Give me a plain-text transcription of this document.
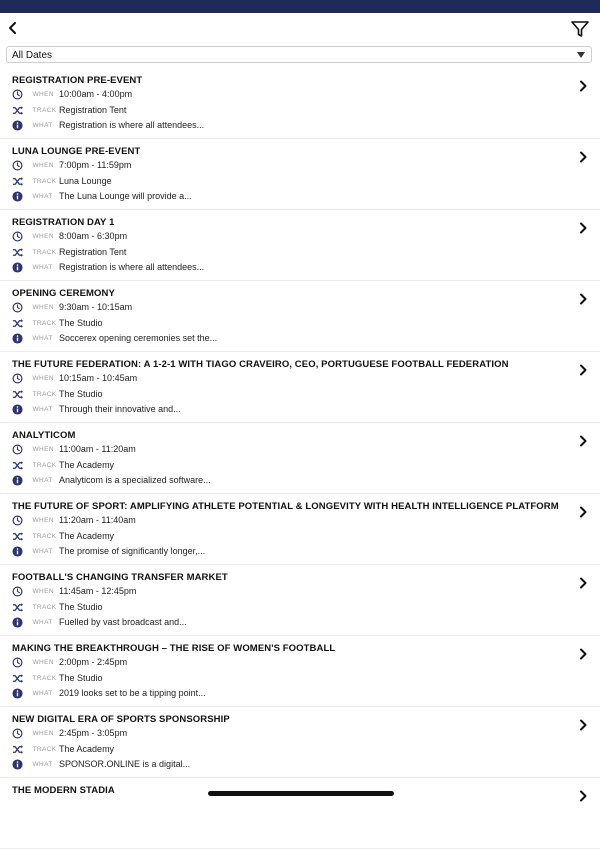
All Dates
REGISTRATION PRE-EVENT
WHEN 10:00am - 4:00pm
TRACK Registration Tent
WHAT Registration is where all attendees...
LUNA LOUNGE PRE-EVENT
WHEN 7:00pm - 11:59pm
TRACK Luna Lounge
WHAT The Luna Lounge will provide a...
REGISTRATION DAY 1
WHEN 8:00am - 6:30pm
TRACK Registration Tent
WHAT Registration is where all attendees...
OPENING CEREMONY
WHEN 9:30am - 10:15am
TRACK The Studio
WHAT Soccerex opening ceremonies set the...
THE FUTURE FEDERATION: A 1-2-1 WITH TIAGO CRAVEIRO, CEO, PORTUGUESE FOOTBALL FEDERATION
WHEN 10:15am - 10:45am
TRACK The Studio
WHAT Through their innovative and...
ANALYTICOM
WHEN 11:00am - 11:20am
TRACK The Academy
WHAT Analyticom is a specialized software...
THE FUTURE OF SPORT: AMPLIFYING ATHLETE POTENTIAL & LONGEVITY WITH HEALTH INTELLIGENCE PLATFORM
WHEN 11:20am - 11:40am
TRACK The Academy
WHAT The promise of significantly longer,...
FOOTBALL'S CHANGING TRANSFER MARKET
WHEN 11:45am - 12:45pm
TRACK The Studio
WHAT Fuelled by vast broadcast and...
MAKING THE BREAKTHROUGH – THE RISE OF WOMEN'S FOOTBALL
WHEN 2:00pm - 2:45pm
TRACK The Studio
WHAT 2019 looks set to be a tipping point...
NEW DIGITAL ERA OF SPORTS SPONSORSHIP
WHEN 2:45pm - 3:05pm
TRACK The Academy
WHAT SPONSOR.ONLINE is a digital...
THE MODERN STADIA
